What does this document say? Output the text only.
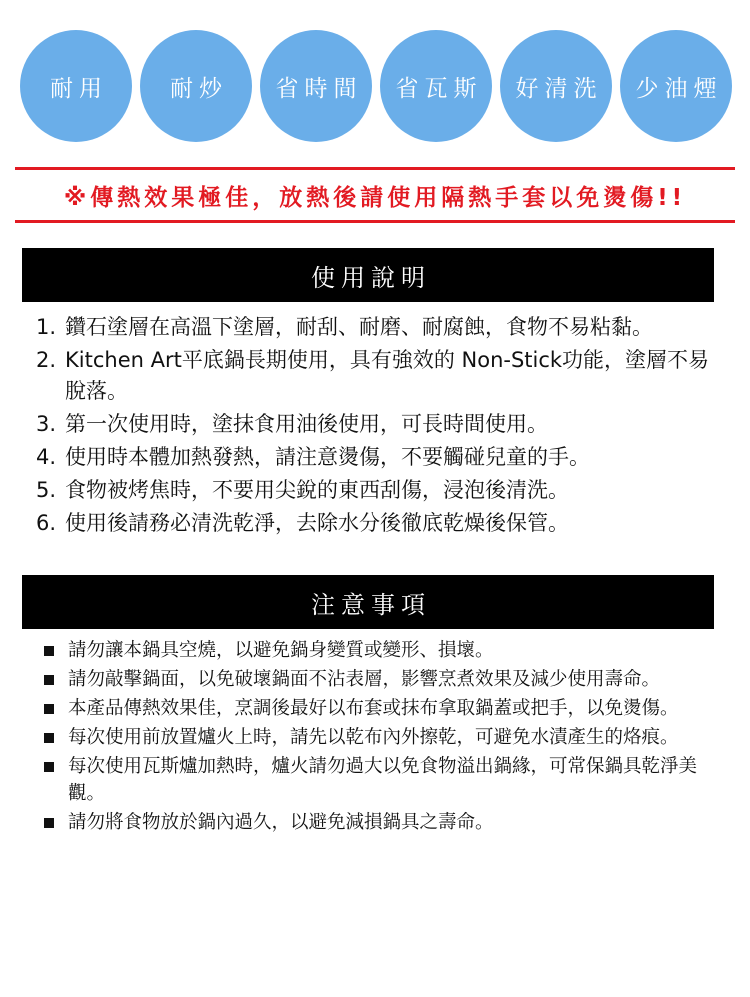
耐用	耐炒	省時間	省瓦斯	好清洗	少油煙
※傳熱效果極佳，放熱後請使用隔熱手套以免燙傷!!
使用說明
1. 鑽石塗層在高溫下塗層，耐刮、耐磨、耐腐蝕，食物不易粘黏。
2. Kitchen Art平底鍋長期使用，具有強效的 Non-Stick功能，塗層不易脫落。
3. 第一次使用時，塗抹食用油後使用，可長時間使用。
4. 使用時本體加熱發熱，請注意燙傷，不要觸碰兒童的手。
5. 食物被烤焦時，不要用尖銳的東西刮傷，浸泡後清洗。
6. 使用後請務必清洗乾淨，去除水分後徹底乾燥後保管。
注意事項
請勿讓本鍋具空燒，以避免鍋身變質或變形、損壞。
請勿敲擊鍋面，以免破壞鍋面不沾表層，影響烹煮效果及減少使用壽命。
本產品傳熱效果佳，烹調後最好以布套或抹布拿取鍋蓋或把手，以免燙傷。
每次使用前放置爐火上時，請先以乾布內外擦乾，可避免水漬產生的烙痕。
每次使用瓦斯爐加熱時，爐火請勿過大以免食物溢出鍋緣，可常保鍋具乾淨美觀。
請勿將食物放於鍋內過久，以避免減損鍋具之壽命。
